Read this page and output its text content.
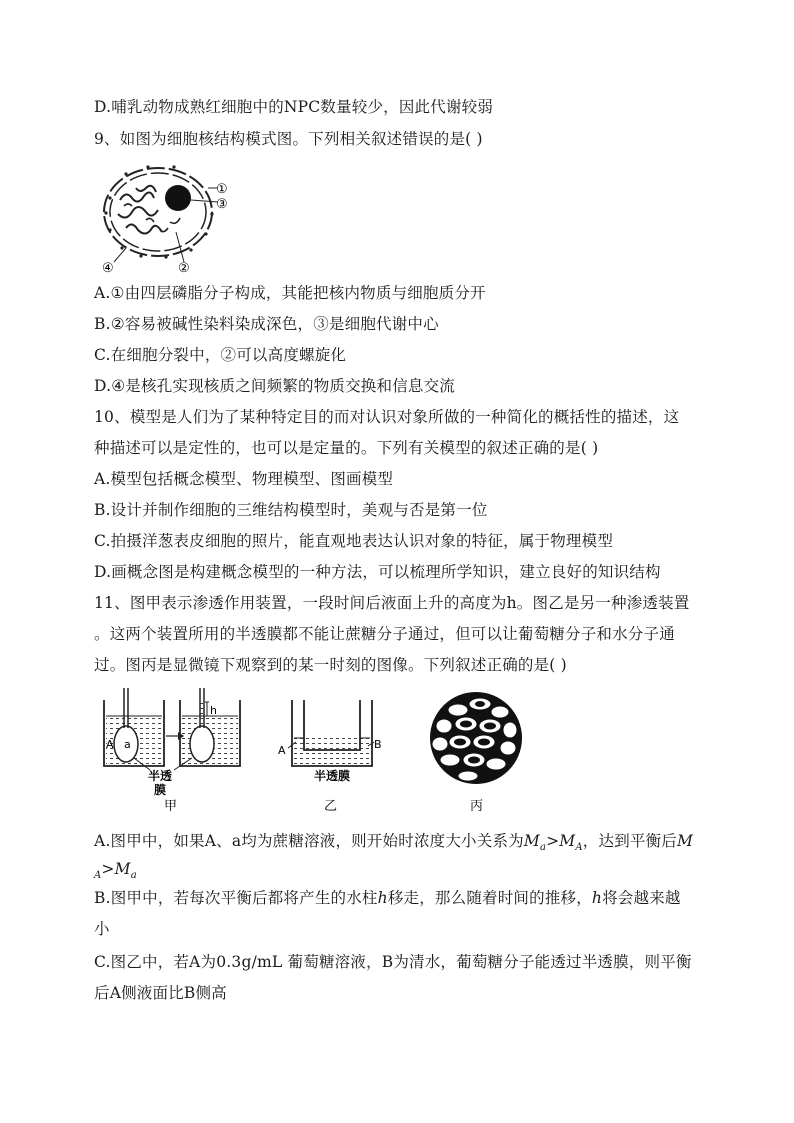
D.哺乳动物成熟红细胞中的NPC数量较少，因此代谢较弱
9、如图为细胞核结构模式图。下列相关叙述错误的是( )
①
③
④	②
A.①由四层磷脂分子构成，其能把核内物质与细胞质分开
B.②容易被碱性染料染成深色，③是细胞代谢中心
C.在细胞分裂中，②可以高度螺旋化
D.④是核孔实现核质之间频繁的物质交换和信息交流
10、模型是人们为了某种特定目的而对认识对象所做的一种简化的概括性的描述，这
种描述可以是定性的，也可以是定量的。下列有关模型的叙述正确的是( )
A.模型包括概念模型、物理模型、图画模型
B.设计并制作细胞的三维结构模型时，美观与否是第一位
C.拍摄洋葱表皮细胞的照片，能直观地表达认识对象的特征，属于物理模型
D.画概念图是构建概念模型的一种方法，可以梳理所学知识，建立良好的知识结构
11、图甲表示渗透作用装置，一段时间后液面上升的高度为h。图乙是另一种渗透装置
。这两个装置所用的半透膜都不能让蔗糖分子通过，但可以让葡萄糖分子和水分子通
过。图丙是显微镜下观察到的某一时刻的图像。下列叙述正确的是( )
h
A a
半透
膜
甲
A	B
半透膜
乙	丙
A.图甲中，如果A、a均为蔗糖溶液，则开始时浓度大小关系为$M_a>M_A$，达到平衡后M
$_A>M_a$
B.图甲中，若每次平衡后都将产生的水柱h移走，那么随着时间的推移，h将会越来越
小
C.图乙中，若A为0.3g/mL 葡萄糖溶液，B为清水，葡萄糖分子能透过半透膜，则平衡
后A侧液面比B侧高
